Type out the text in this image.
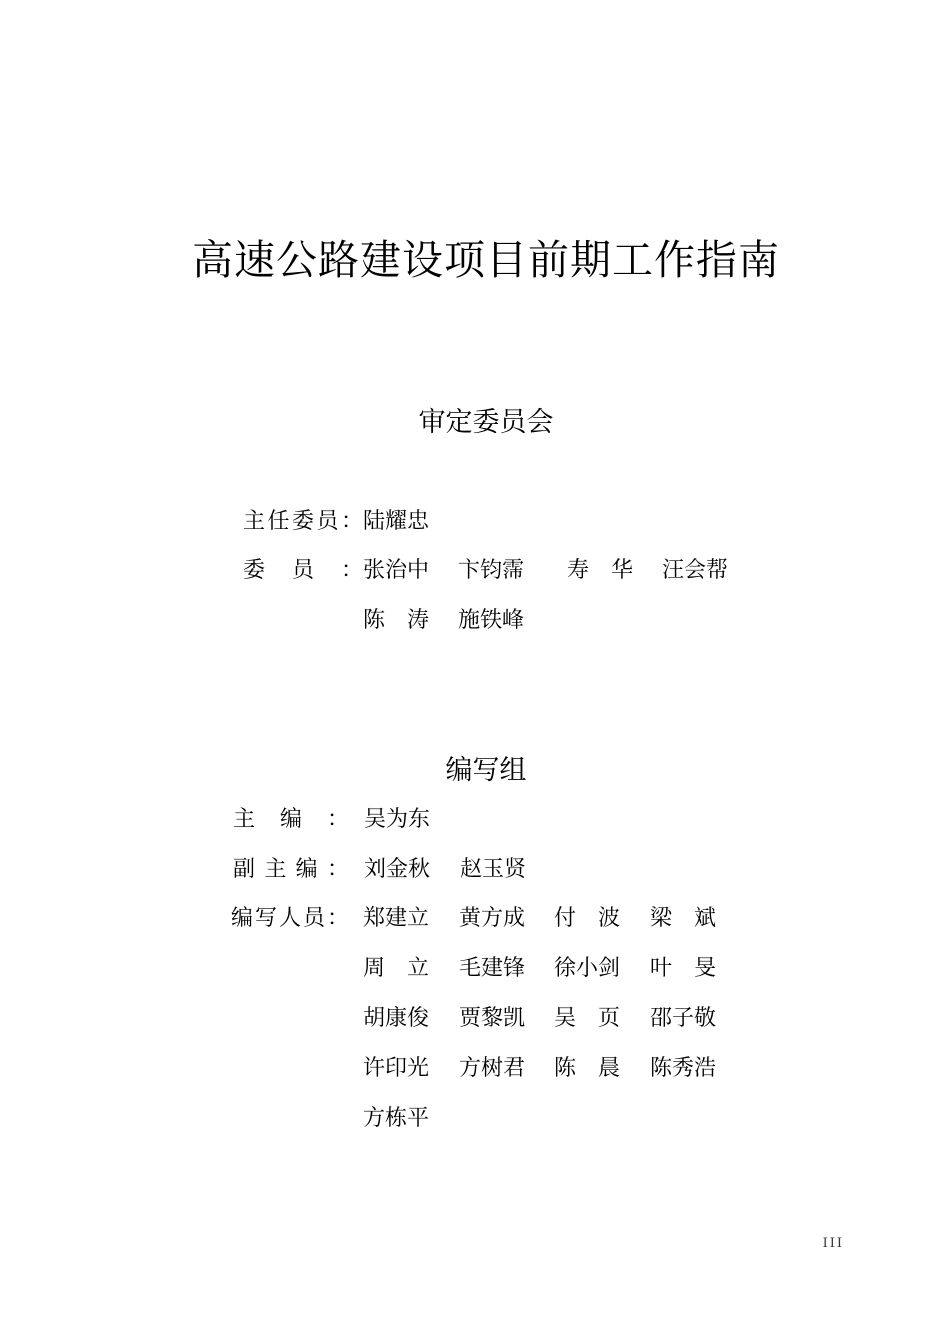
高速公路建设项目前期工作指南
审定委员会
主 任 委 员 ： 陆耀忠
委 员 ： 张治中 卞钧霈 寿　华 汪会帮
陈　涛 施铁峰
编写组
主 编 ： 吴为东
副 主 编 ： 刘金秋 赵玉贤
编 写 人 员 ： 郑建立 黄方成 付　波 梁　斌
周　立 毛建锋 徐小剑 叶　旻
胡康俊 贾黎凯 吴　页 邵子敬
许印光 方树君 陈　晨 陈秀浩
方栋平
III
